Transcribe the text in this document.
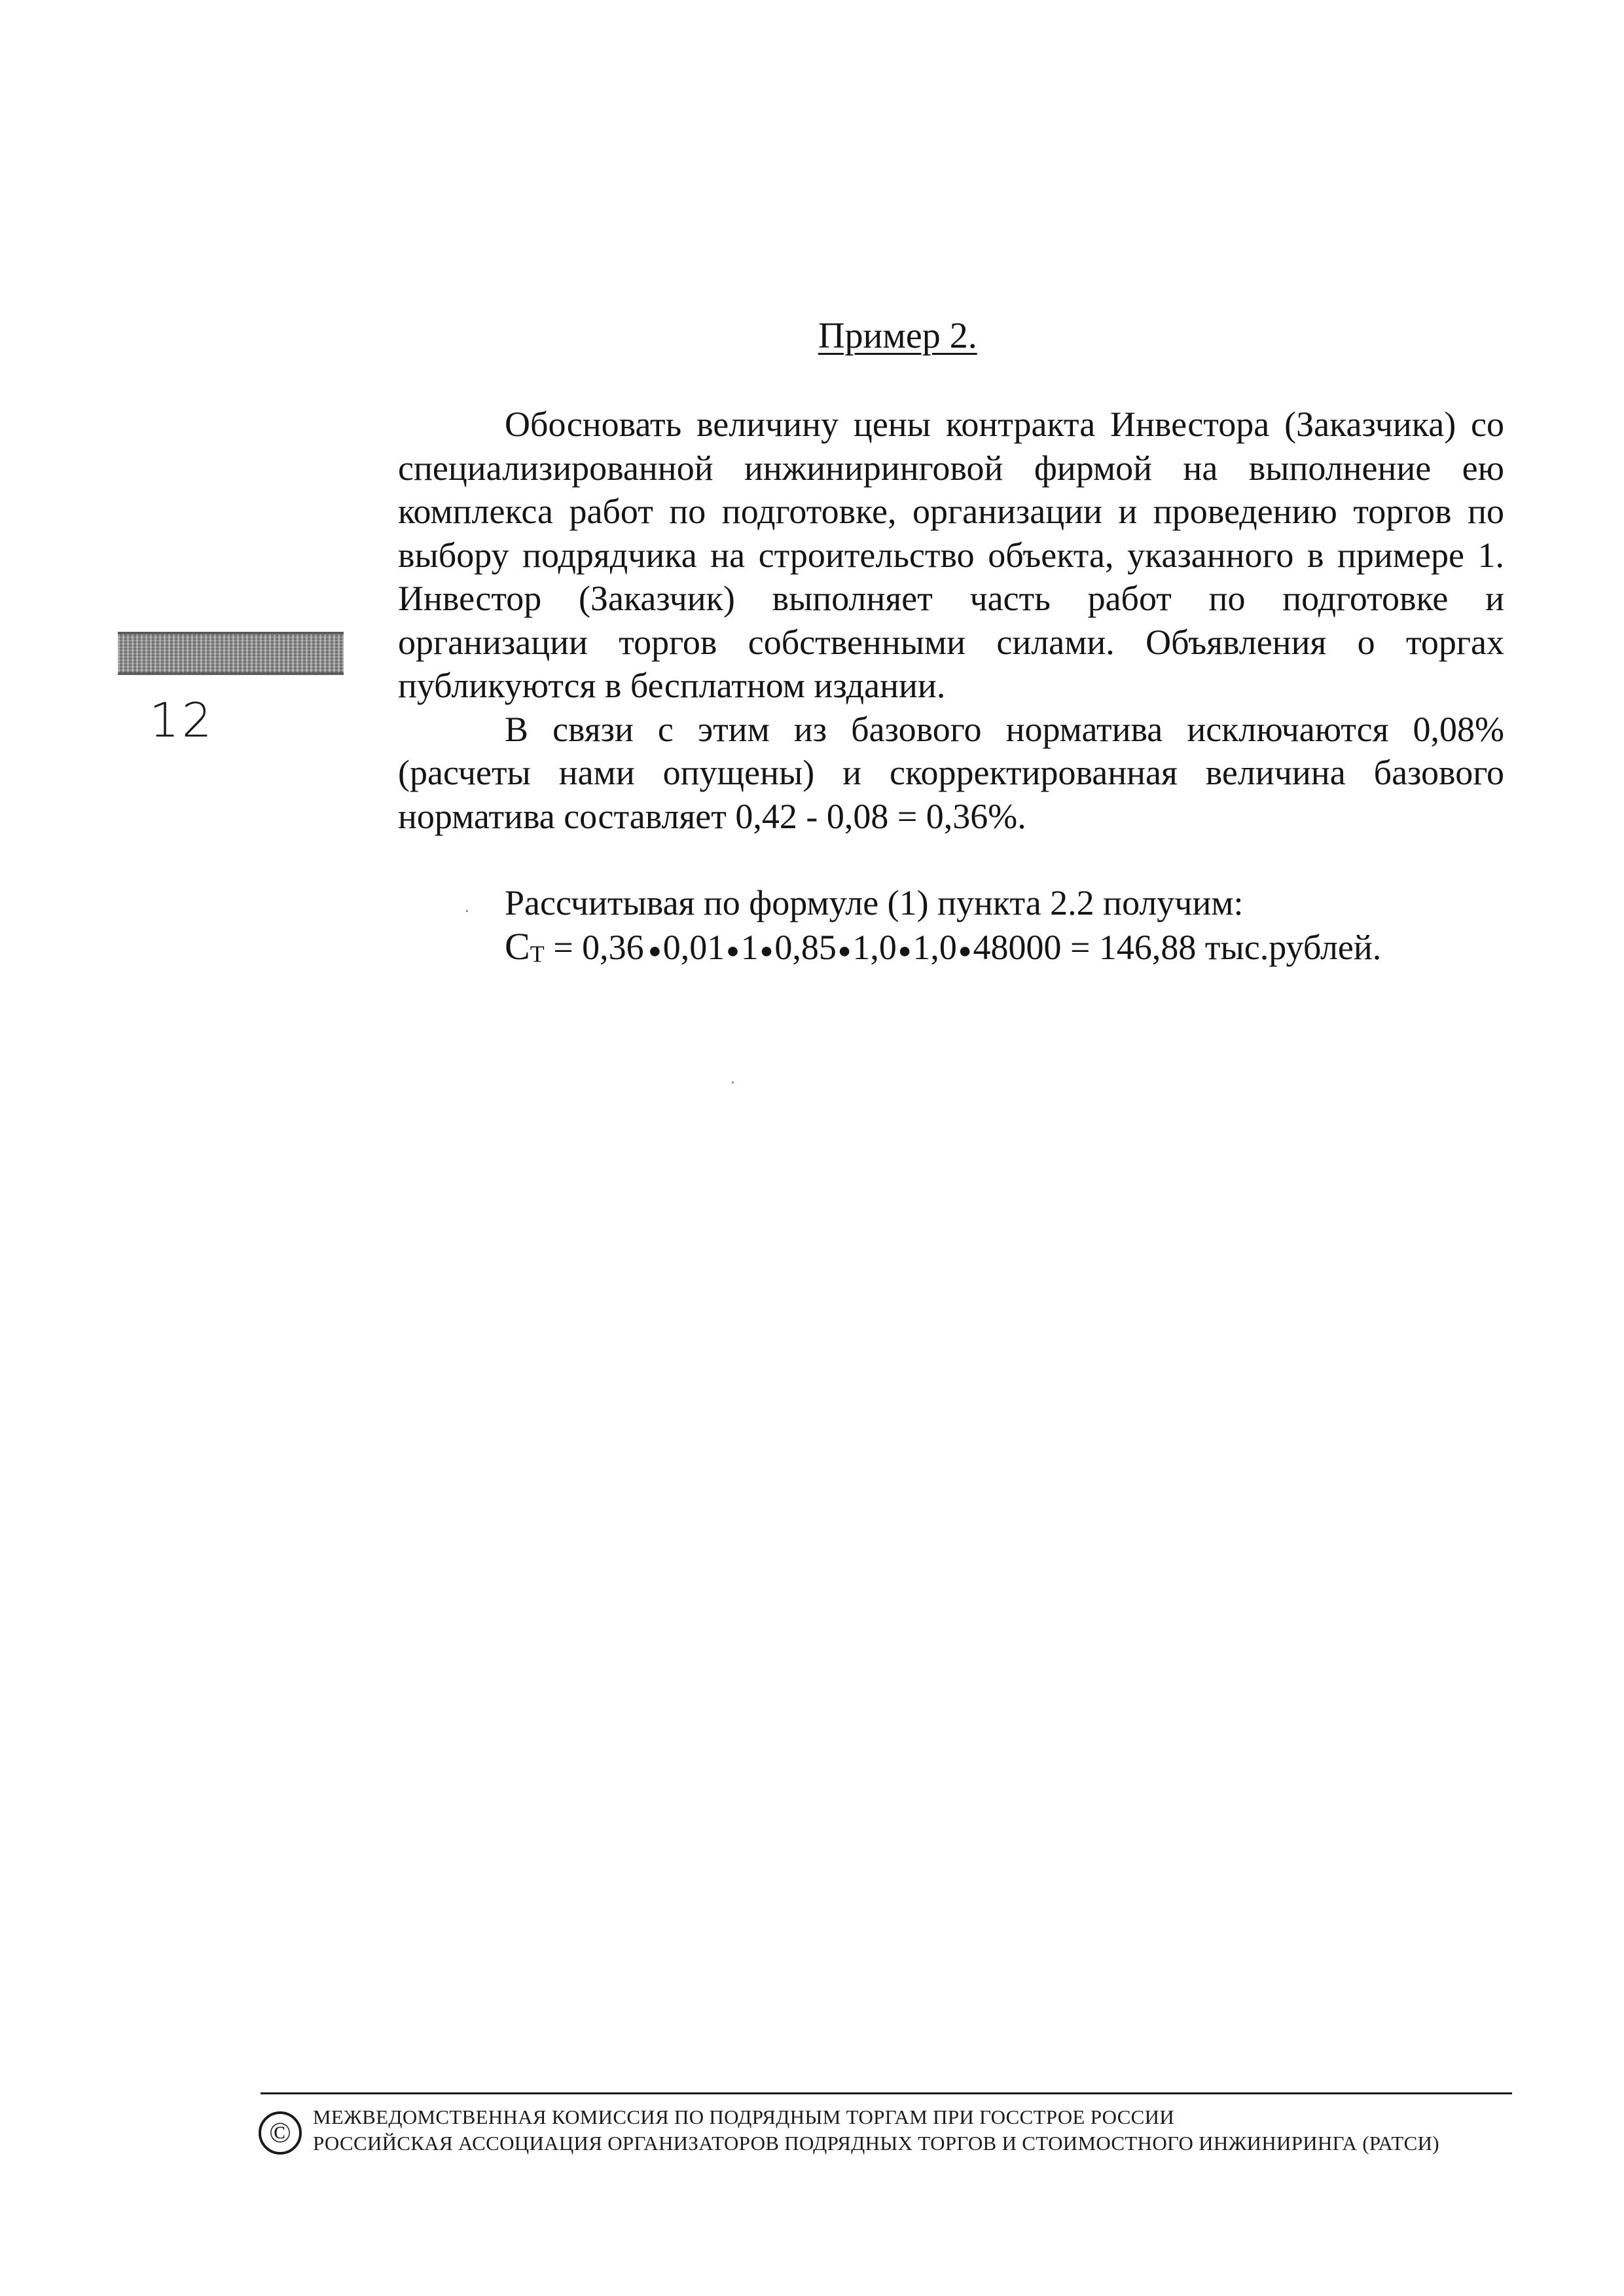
Пример 2.

Обосновать величину цены контракта Инвестора (Заказчика) со специализированной инжиниринговой фирмой на выполнение ею комплекса работ по подготовке, организации и проведению торгов по выбору подрядчика на строительство объекта, указанного в примере 1. Инвестор (Заказчик) выполняет часть работ по подготовке и организации торгов собственными силами. Объявления о торгах публикуются в бесплатном издании.

В связи с этим из базового норматива исключаются 0,08% (расчеты нами опущены) и скорректированная величина базового норматива составляет 0,42 - 0,08 = 0,36%.

Рассчитывая по формуле (1) пункта 2.2 получим:

$С_Т = 0,36$  ●0,01●1●0,85●1,0●1,0●48000 = 146,88 тыс.рублей.
12
© МЕЖВЕДОМСТВЕННАЯ КОМИССИЯ ПО ПОДРЯДНЫМ ТОРГАМ ПРИ ГОССТРОЕ РОССИИ
РОССИЙСКАЯ АССОЦИАЦИЯ ОРГАНИЗАТОРОВ ПОДРЯДНЫХ ТОРГОВ И СТОИМОСТНОГО ИНЖИНИРИНГА (РАТСИ)
